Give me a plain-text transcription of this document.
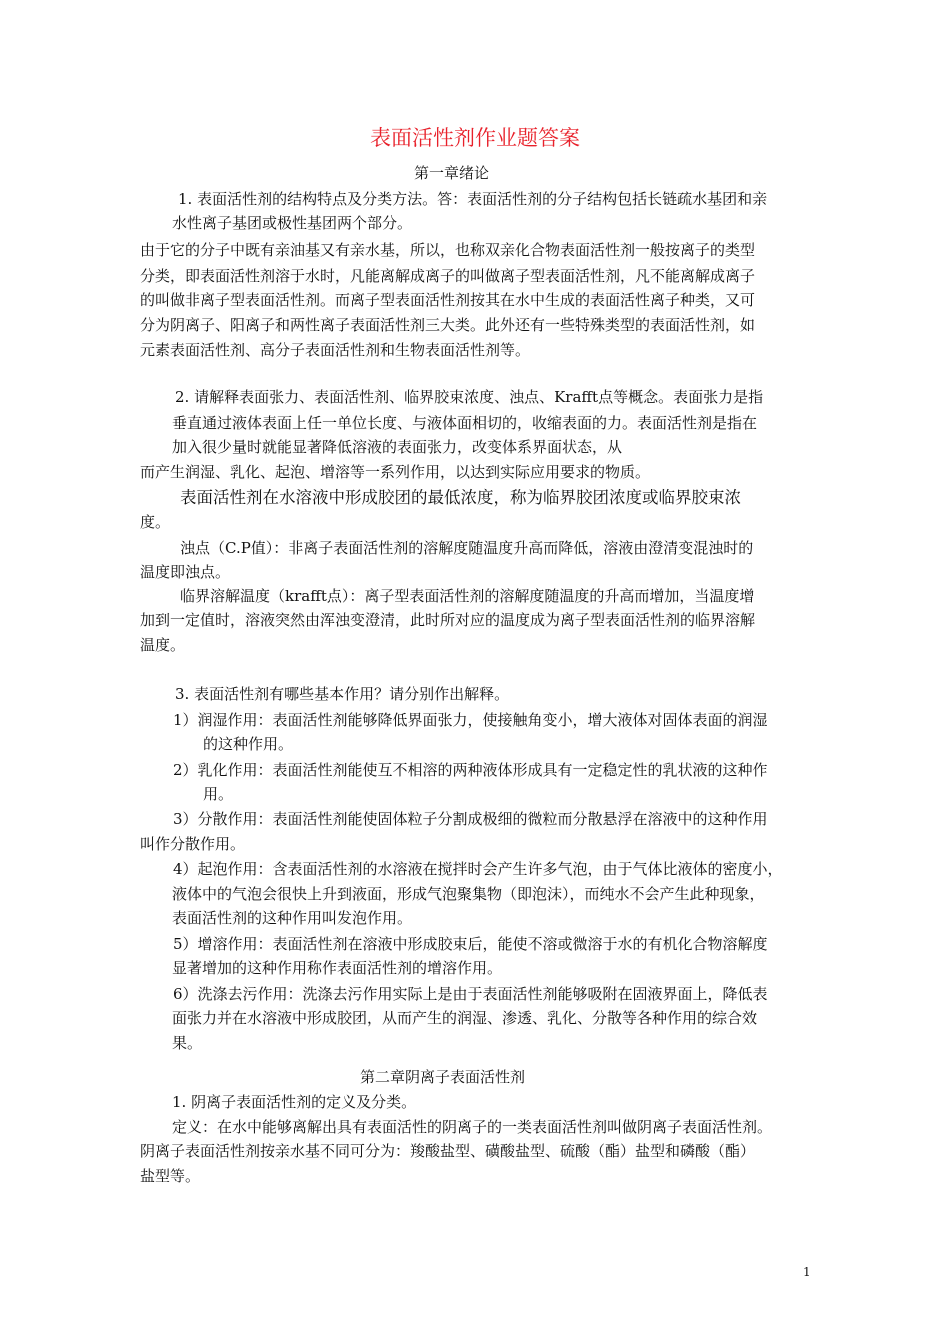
表面活性剂作业题答案
第一章绪论
1. 表面活性剂的结构特点及分类方法。答：表面活性剂的分子结构包括长链疏水基团和亲
水性离子基团或极性基团两个部分。
由于它的分子中既有亲油基又有亲水基，所以，也称双亲化合物表面活性剂一般按离子的类型
分类，即表面活性剂溶于水时，凡能离解成离子的叫做离子型表面活性剂，凡不能离解成离子
的叫做非离子型表面活性剂。而离子型表面活性剂按其在水中生成的表面活性离子种类，又可
分为阴离子、阳离子和两性离子表面活性剂三大类。此外还有一些特殊类型的表面活性剂，如
元素表面活性剂、高分子表面活性剂和生物表面活性剂等。
2. 请解释表面张力、表面活性剂、临界胶束浓度、浊点、Krafft点等概念。表面张力是指
垂直通过液体表面上任一单位长度、与液体面相切的，收缩表面的力。表面活性剂是指在
加入很少量时就能显著降低溶液的表面张力，改变体系界面状态，从
而产生润湿、乳化、起泡、增溶等一系列作用，以达到实际应用要求的物质。
表面活性剂在水溶液中形成胶团的最低浓度，称为临界胶团浓度或临界胶束浓
度。
浊点（C.P值）：非离子表面活性剂的溶解度随温度升高而降低，溶液由澄清变混浊时的
温度即浊点。
临界溶解温度（krafft点）：离子型表面活性剂的溶解度随温度的升高而增加，当温度增
加到一定值时，溶液突然由浑浊变澄清，此时所对应的温度成为离子型表面活性剂的临界溶解
温度。
3. 表面活性剂有哪些基本作用？请分别作出解释。
1）润湿作用：表面活性剂能够降低界面张力，使接触角变小，增大液体对固体表面的润湿
的这种作用。
2）乳化作用：表面活性剂能使互不相溶的两种液体形成具有一定稳定性的乳状液的这种作
用。
3）分散作用：表面活性剂能使固体粒子分割成极细的微粒而分散悬浮在溶液中的这种作用
叫作分散作用。
4）起泡作用：含表面活性剂的水溶液在搅拌时会产生许多气泡，由于气体比液体的密度小，
液体中的气泡会很快上升到液面，形成气泡聚集物（即泡沫），而纯水不会产生此种现象，
表面活性剂的这种作用叫发泡作用。
5）增溶作用：表面活性剂在溶液中形成胶束后，能使不溶或微溶于水的有机化合物溶解度
显著增加的这种作用称作表面活性剂的增溶作用。
6）洗涤去污作用：洗涤去污作用实际上是由于表面活性剂能够吸附在固液界面上，降低表
面张力并在水溶液中形成胶团，从而产生的润湿、渗透、乳化、分散等各种作用的综合效
果。
第二章阴离子表面活性剂
1. 阴离子表面活性剂的定义及分类。
定义：在水中能够离解出具有表面活性的阴离子的一类表面活性剂叫做阴离子表面活性剂。
阴离子表面活性剂按亲水基不同可分为：羧酸盐型、磺酸盐型、硫酸（酯）盐型和磷酸（酯）
盐型等。
1
